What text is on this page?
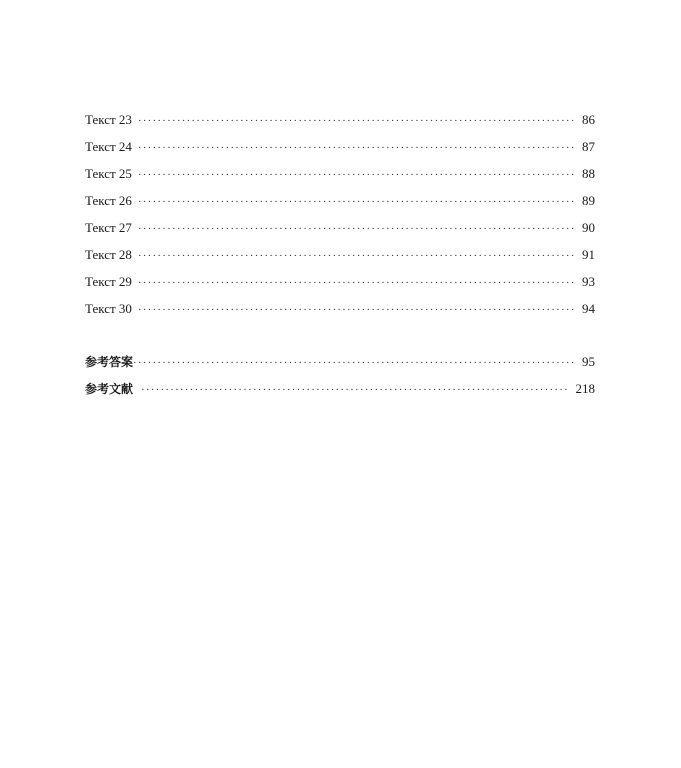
Текст 23 ·····	86
Текст 24 ·····	87
Текст 25 ·····	88
Текст 26 ·····	89
Текст 27 ·····	90
Текст 28 ·····	91
Текст 29 ·····	93
Текст 30 ·····	94
参考答案 ·····	95
参考文献 ·····	218
